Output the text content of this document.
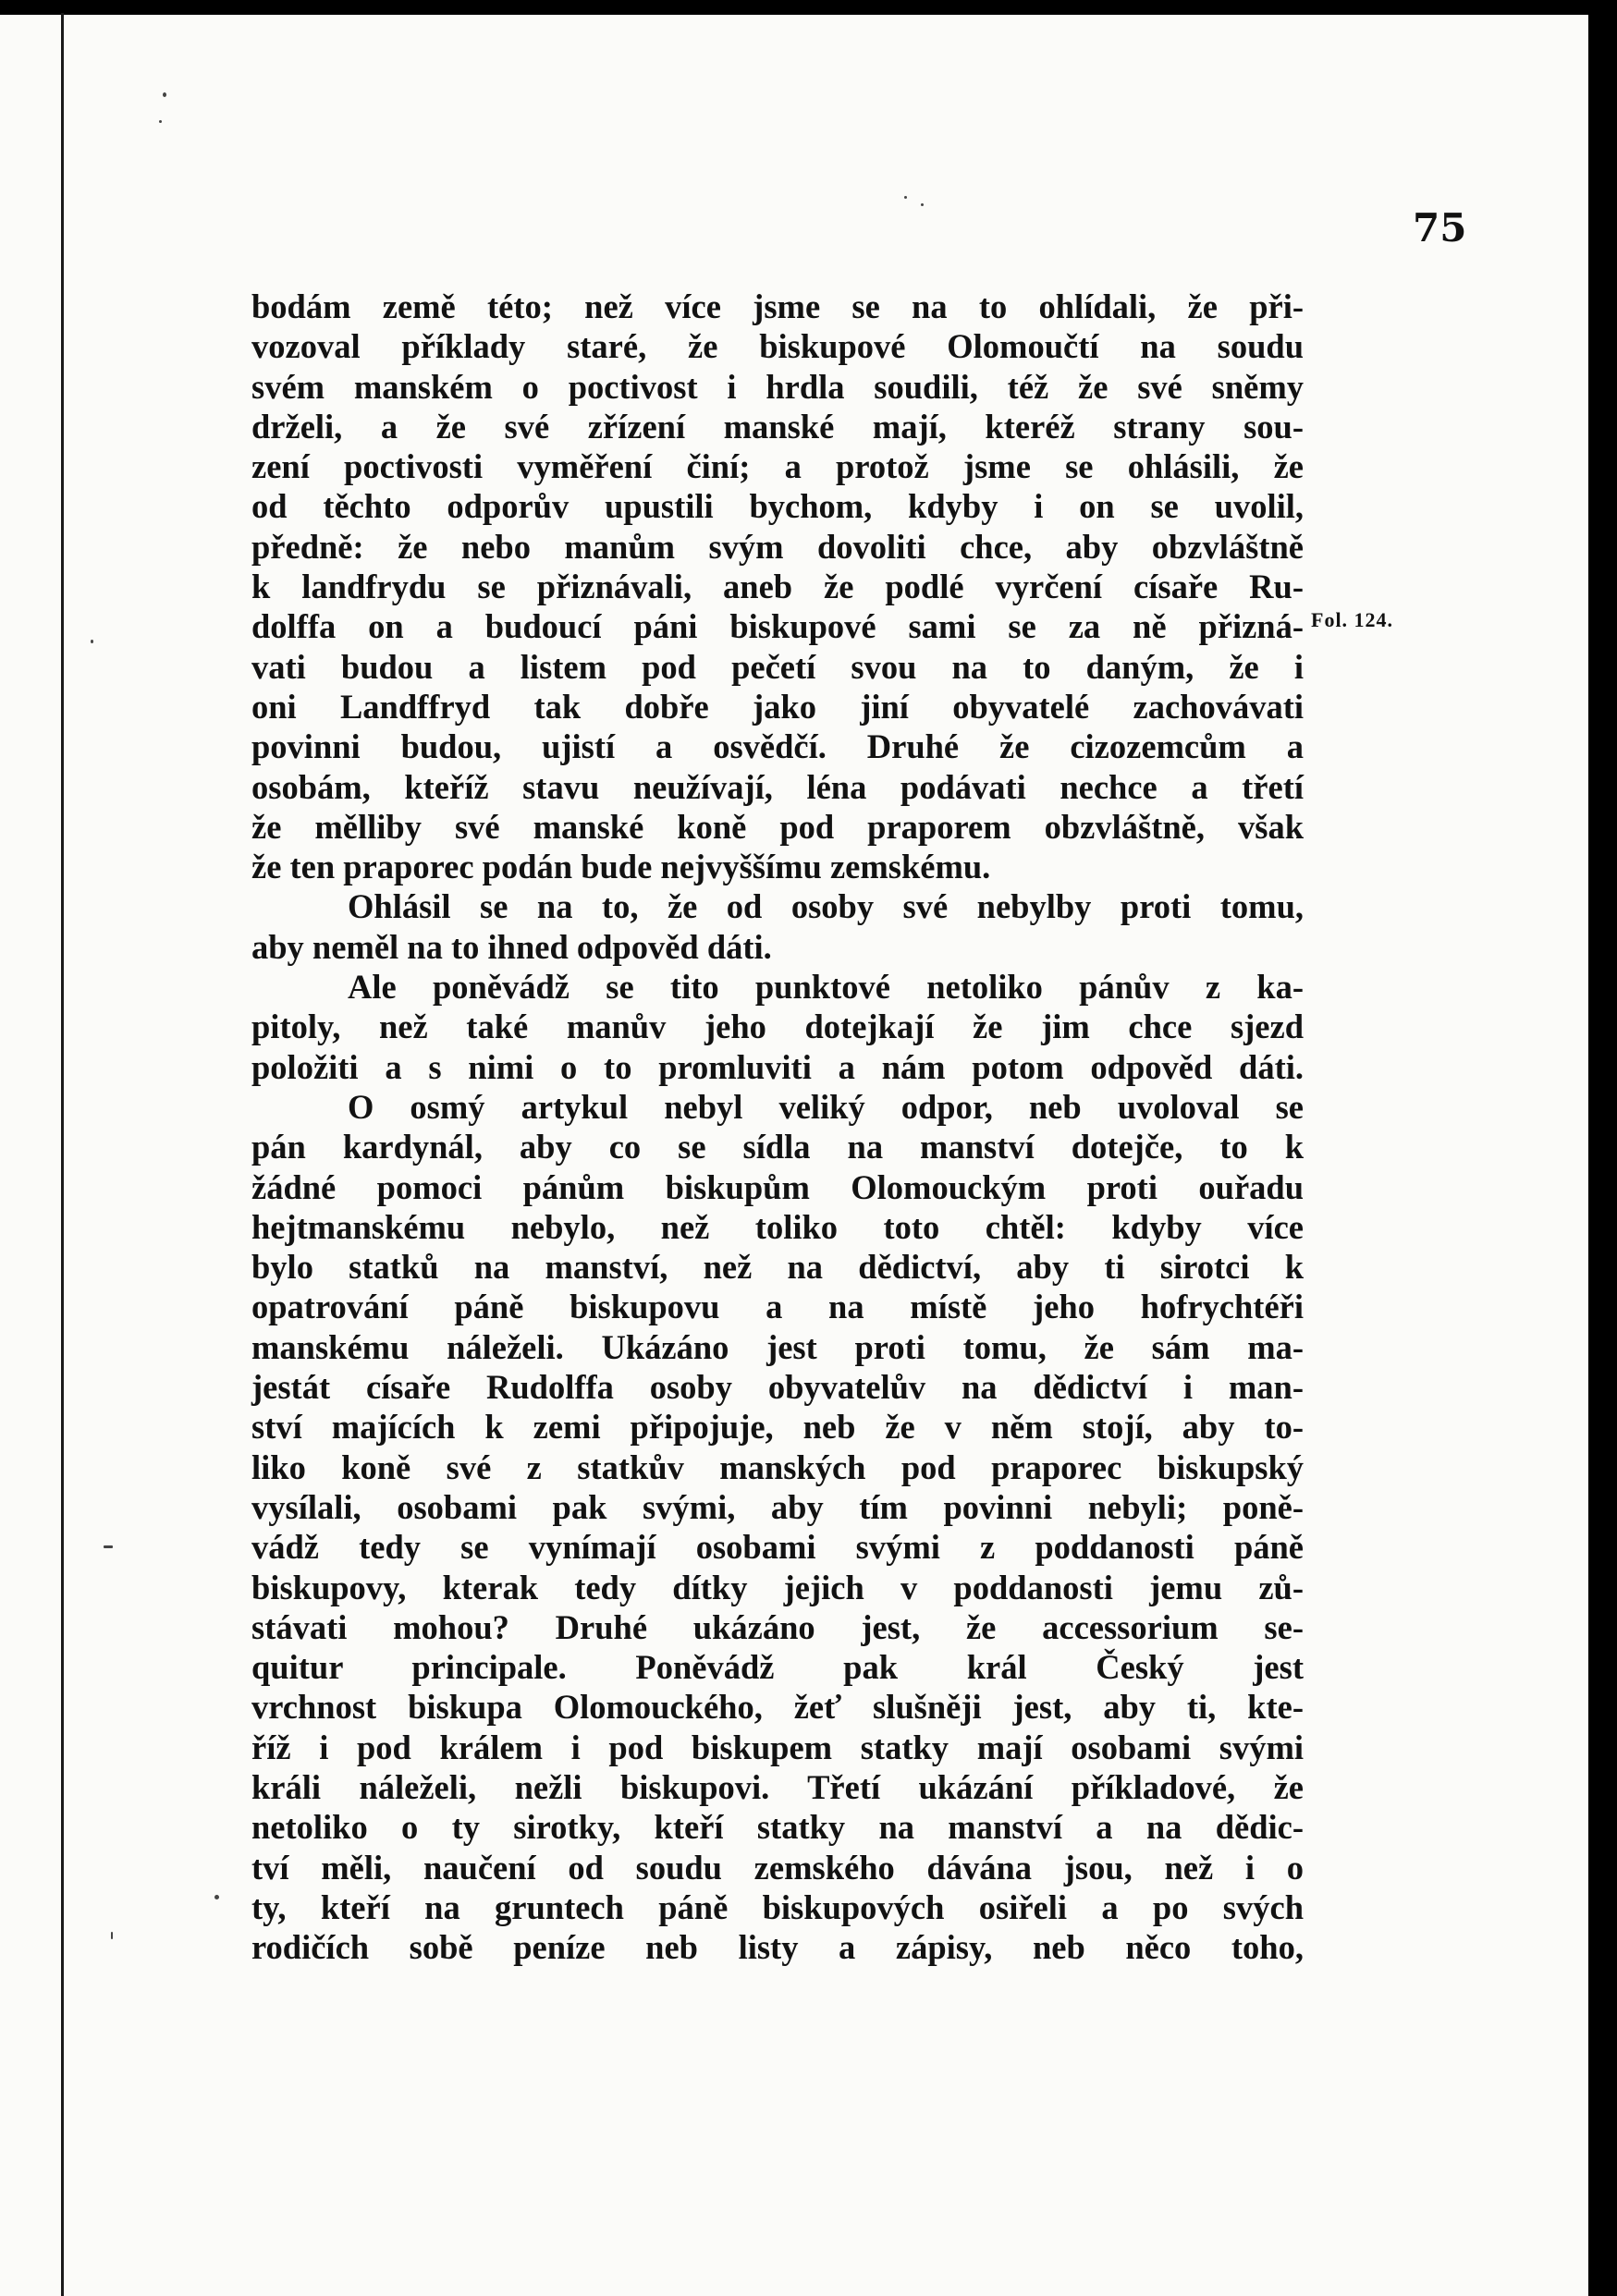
75
Fol. 124.
bodám země této; než více jsme se na to ohlídali, že při-
vozoval příklady staré, že biskupové Olomoučtí na soudu
svém manském o poctivost i hrdla soudili, též že své sněmy
drželi, a že své zřízení manské mají, kteréž strany sou-
zení poctivosti vyměření činí; a protož jsme se ohlásili, že
od těchto odporův upustili bychom, kdyby i on se uvolil,
předně: že nebo manům svým dovoliti chce, aby obzvláštně
k landfrydu se přiznávali, aneb že podlé vyrčení císaře Ru-
dolffa on a budoucí páni biskupové sami se za ně přizná-
vati budou a listem pod pečetí svou na to daným, že i
oni Landffryd tak dobře jako jiní obyvatelé zachovávati
povinni budou, ujistí a osvědčí. Druhé že cizozemcům a
osobám, kteříž stavu neužívají, léna podávati nechce a třetí
že mělliby své manské koně pod praporem obzvláštně, však
že ten praporec podán bude nejvyššímu zemskému.
Ohlásil se na to, že od osoby své nebylby proti tomu,
aby neměl na to ihned odpověd dáti.
Ale poněvádž se tito punktové netoliko pánův z ka-
pitoly, než také manův jeho dotejkají že jim chce sjezd
položiti a s nimi o to promluviti a nám potom odpověd dáti.
O osmý artykul nebyl veliký odpor, neb uvoloval se
pán kardynál, aby co se sídla na manství dotejče, to k
žádné pomoci pánům biskupům Olomouckým proti ouřadu
hejtmanskému nebylo, než toliko toto chtěl: kdyby více
bylo statků na manství, než na dědictví, aby ti sirotci k
opatrování páně biskupovu a na místě jeho hofrychtéři
manskému náleželi. Ukázáno jest proti tomu, že sám ma-
jestát císaře Rudolffa osoby obyvatelův na dědictví i man-
ství majících k zemi připojuje, neb že v něm stojí, aby to-
liko koně své z statkův manských pod praporec biskupský
vysílali, osobami pak svými, aby tím povinni nebyli; poně-
vádž tedy se vynímají osobami svými z poddanosti páně
biskupovy, kterak tedy dítky jejich v poddanosti jemu zů-
stávati mohou? Druhé ukázáno jest, že accessorium se-
quitur principale. Poněvádž pak král Český jest
vrchnost biskupa Olomouckého, žeť slušněji jest, aby ti, kte-
říž i pod králem i pod biskupem statky mají osobami svými
králi náleželi, nežli biskupovi. Třetí ukázání příkladové, že
netoliko o ty sirotky, kteří statky na manství a na dědic-
tví měli, naučení od soudu zemského dávána jsou, než i o
ty, kteří na gruntech páně biskupových osiřeli a po svých
rodičích sobě peníze neb listy a zápisy, neb něco toho,
